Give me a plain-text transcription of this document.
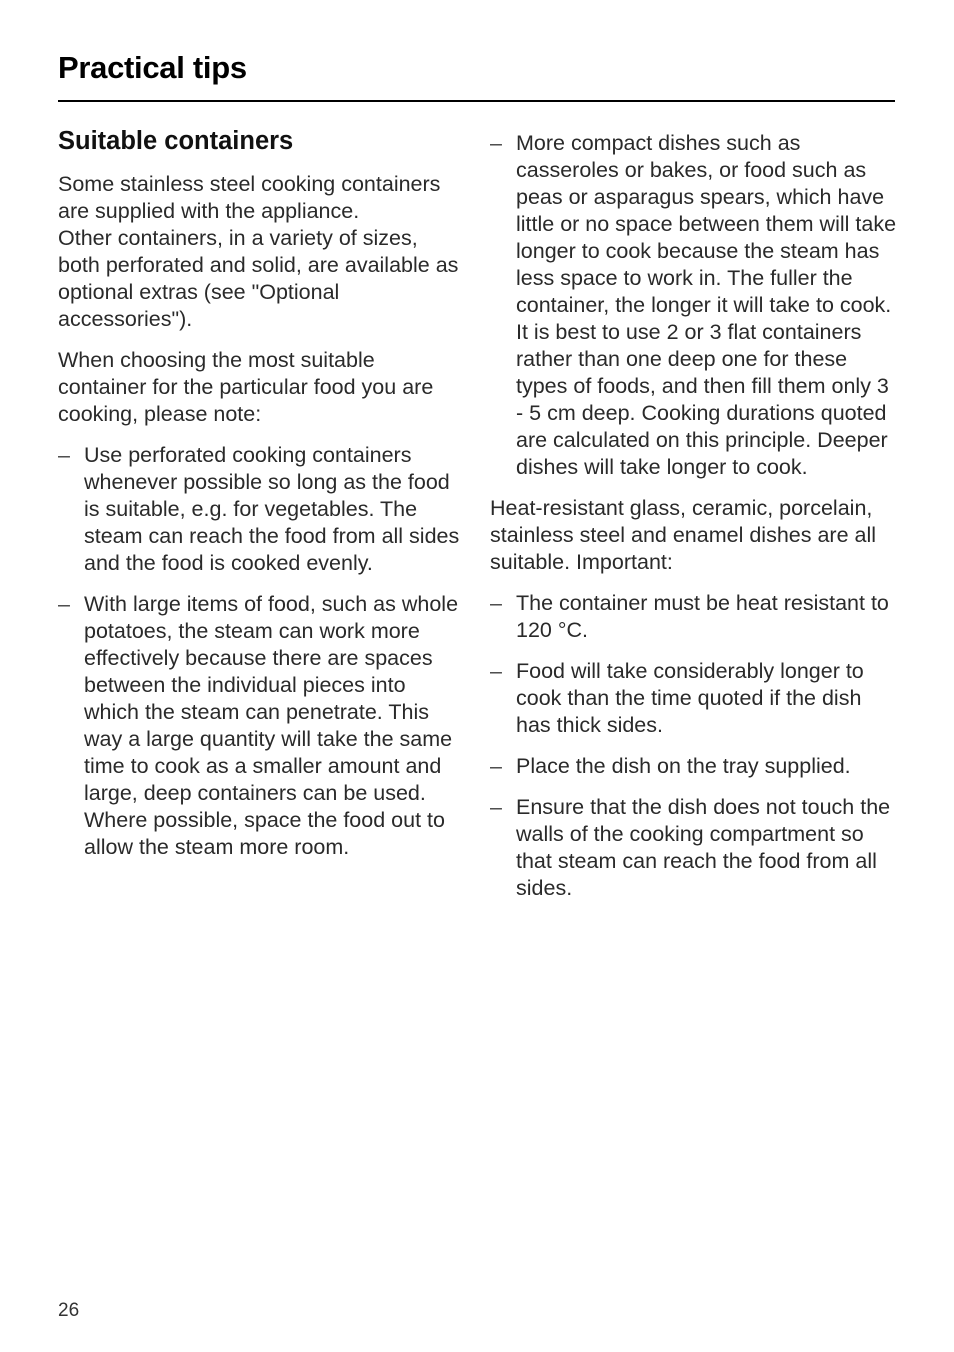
Practical tips
Suitable containers

Some stainless steel cooking containers are supplied with the appliance.

Other containers, in a variety of sizes, both perforated and solid, are available as optional extras (see "Optional accessories").

When choosing the most suitable container for the particular food you are cooking, please note:

– Use perforated cooking containers whenever possible so long as the food is suitable, e.g. for vegetables. The steam can reach the food from all sides and the food is cooked evenly.
– With large items of food, such as whole potatoes, the steam can work more effectively because there are spaces between the individual pieces into which the steam can penetrate. This way a large quantity will take the same time to cook as a smaller amount and large, deep containers can be used. Where possible, space the food out to allow the steam more room.
– More compact dishes such as casseroles or bakes, or food such as peas or asparagus spears, which have little or no space between them will take longer to cook because the steam has less space to work in. The fuller the container, the longer it will take to cook. It is best to use 2 or 3 flat containers rather than one deep one for these types of foods, and then fill them only 3 - 5 cm deep. Cooking durations quoted are calculated on this principle. Deeper dishes will take longer to cook.

Heat-resistant glass, ceramic, porcelain, stainless steel and enamel dishes are all suitable. Important:

– The container must be heat resistant to 120 °C.
– Food will take considerably longer to cook than the time quoted if the dish has thick sides.
– Place the dish on the tray supplied.
– Ensure that the dish does not touch the walls of the cooking compartment so that steam can reach the food from all sides.
26
